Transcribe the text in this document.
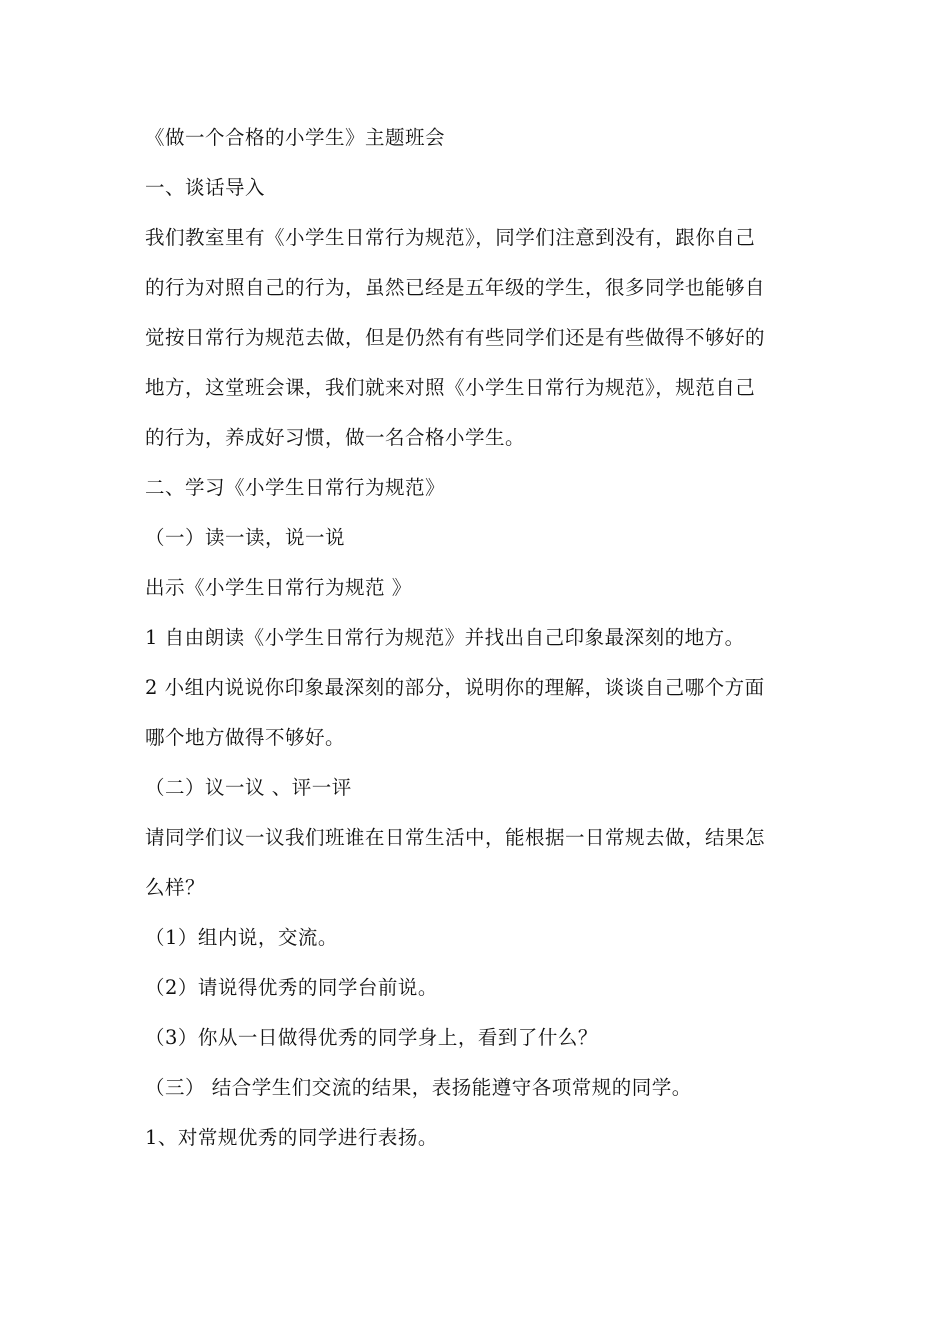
《做一个合格的小学生》主题班会
一、谈话导入
我们教室里有《小学生日常行为规范》，同学们注意到没有，跟你自己
的行为对照自己的行为，虽然已经是五年级的学生，很多同学也能够自
觉按日常行为规范去做，但是仍然有有些同学们还是有些做得不够好的
地方，这堂班会课，我们就来对照《小学生日常行为规范》，规范自己
的行为，养成好习惯，做一名合格小学生。
二、学习《小学生日常行为规范》
（一）读一读，说一说
出示《小学生日常行为规范 》
1 自由朗读《小学生日常行为规范》并找出自己印象最深刻的地方。
2 小组内说说你印象最深刻的部分，说明你的理解，谈谈自己哪个方面
哪个地方做得不够好。
（二）议一议 、评一评
请同学们议一议我们班谁在日常生活中，能根据一日常规去做，结果怎
么样？
（1）组内说，交流。
（2）请说得优秀的同学台前说。
（3）你从一日做得优秀的同学身上，看到了什么？
（三） 结合学生们交流的结果，表扬能遵守各项常规的同学。
1、对常规优秀的同学进行表扬。
